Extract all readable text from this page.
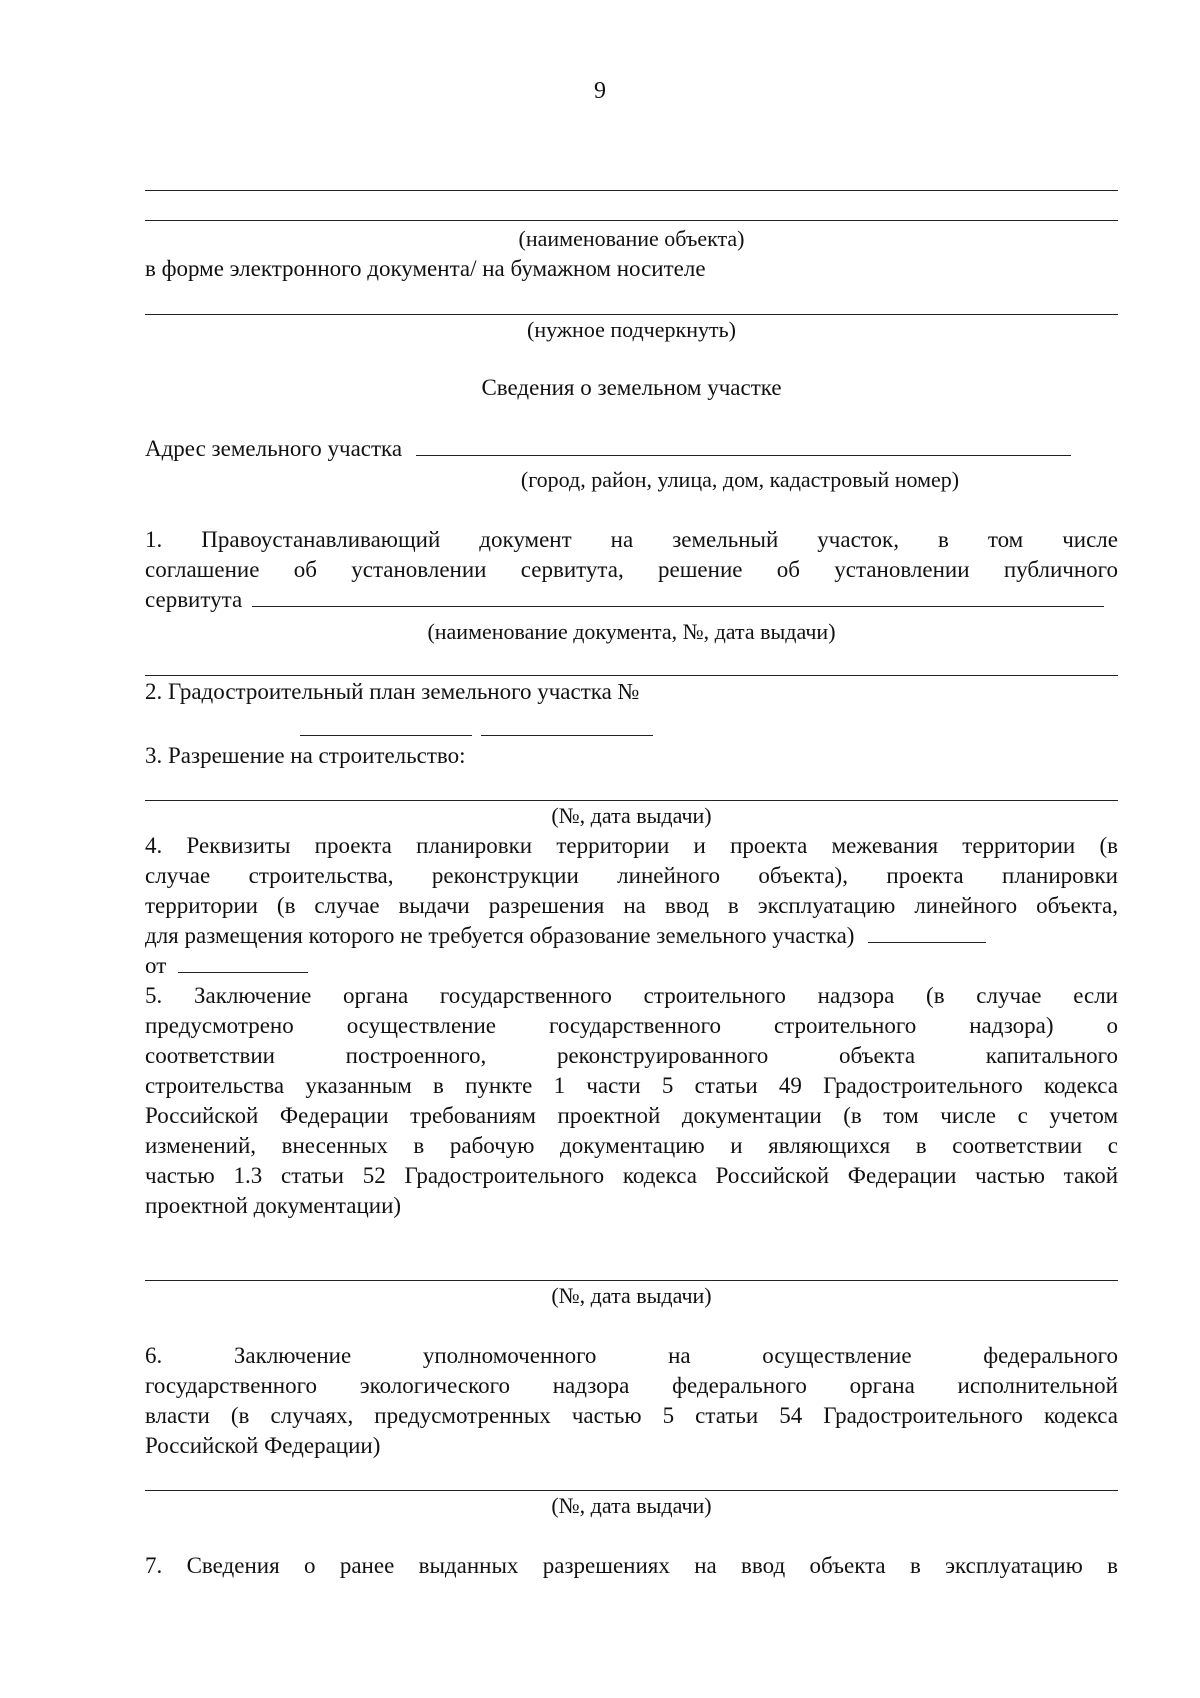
9
(наименование объекта)
в форме электронного документа/ на бумажном носителе
(нужное подчеркнуть)
Сведения о земельном участке
Адрес земельного участка
(город, район, улица, дом, кадастровый номер)
1. Правоустанавливающий документ на земельный участок, в том числе
соглашение об установлении сервитута, решение об установлении публичного
сервитута
(наименование документа, №, дата выдачи)
2. Градостроительный план земельного участка №
3. Разрешение на строительство:
(№, дата выдачи)
4. Реквизиты проекта планировки территории и проекта межевания территории (в
случае строительства, реконструкции линейного объекта), проекта планировки
территории (в случае выдачи разрешения на ввод в эксплуатацию линейного объекта,
для размещения которого не требуется образование земельного участка)
от
5. Заключение органа государственного строительного надзора (в случае если
предусмотрено осуществление государственного строительного надзора) о
соответствии построенного, реконструированного объекта капитального
строительства указанным в пункте 1 части 5 статьи 49 Градостроительного кодекса
Российской Федерации требованиям проектной документации (в том числе с учетом
изменений, внесенных в рабочую документацию и являющихся в соответствии с
частью 1.3 статьи 52 Градостроительного кодекса Российской Федерации частью такой
проектной документации)
(№, дата выдачи)
6. Заключение уполномоченного на осуществление федерального
государственного экологического надзора федерального органа исполнительной
власти (в случаях, предусмотренных частью 5 статьи 54 Градостроительного кодекса
Российской Федерации)
(№, дата выдачи)
7. Сведения о ранее выданных разрешениях на ввод объекта в эксплуатацию в
